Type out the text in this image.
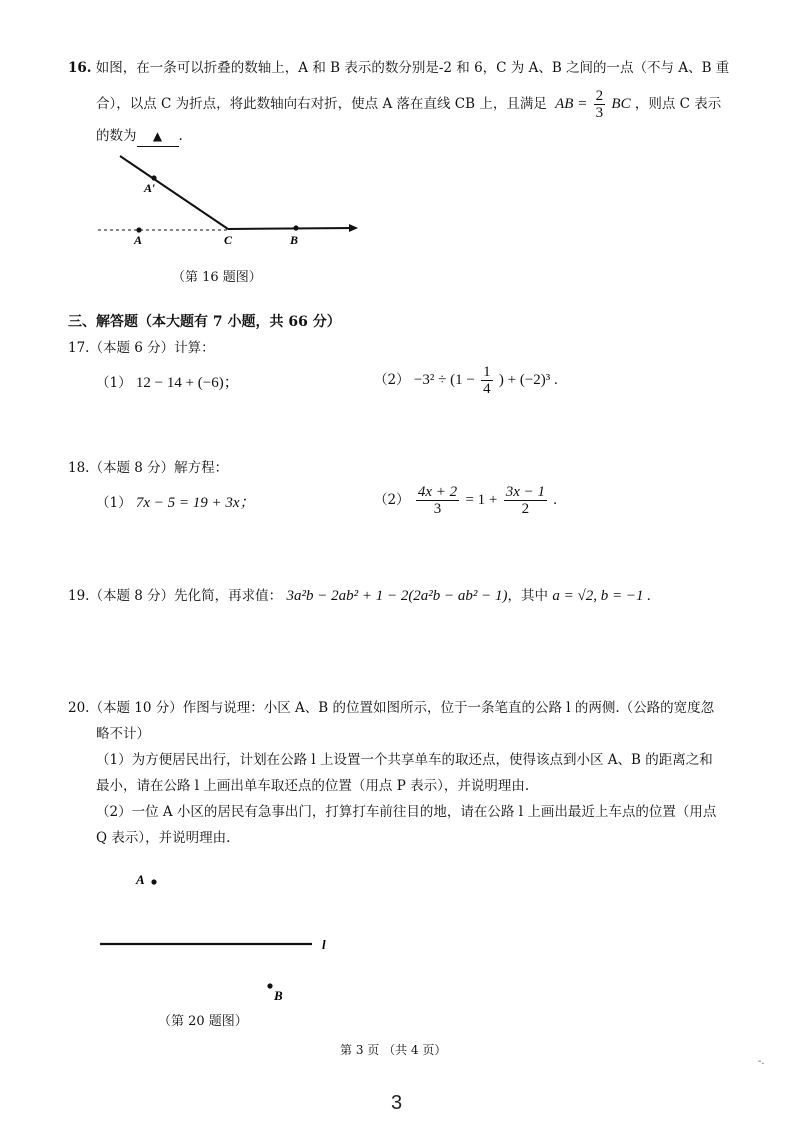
16. 如图，在一条可以折叠的数轴上，A 和 B 表示的数分别是-2 和 6，C 为 A、B 之间的一点（不与 A、B 重
合），以点 C 为折点，将此数轴向右对折，使点 A 落在直线 CB 上，且满足 AB = $\frac{2}{3}$ BC ，则点 C 表示
的数为 ▲ .
A′
A	C	B
（第 16 题图）
三、解答题（本大题有 7 小题，共 66 分）
17.（本题 6 分）计算：
（1） 12 − 14 + (−6)；	$(2) -3^2 \div (1 - \frac{1}{4}$ ) + (−2)³ .
18.（本题 8 分）解方程：
（1） 7x − 5 = 19 + 3x；	$(2) \frac{4x + 2}{3} = 1 + \frac{3x - 1}{2}$ .
19.（本题 8 分）先化简，再求值： 3a²b − 2ab² + 1 − 2(2a²b − ab² − 1)，其中 a = √2, b = −1 .
20.（本题 10 分）作图与说理：小区 A、B 的位置如图所示，位于一条笔直的公路 l 的两侧.（公路的宽度忽
略不计）
（1）为方便居民出行，计划在公路 l 上设置一个共享单车的取还点，使得该点到小区 A、B 的距离之和
最小，请在公路 l 上画出单车取还点的位置（用点 P 表示），并说明理由.
（2）一位 A 小区的居民有急事出门，打算打车前往目的地，请在公路 l 上画出最近上车点的位置（用点
Q 表示），并说明理由.
A
l
B
（第 20 题图）
第 3 页 （共 4 页）
-.
3
